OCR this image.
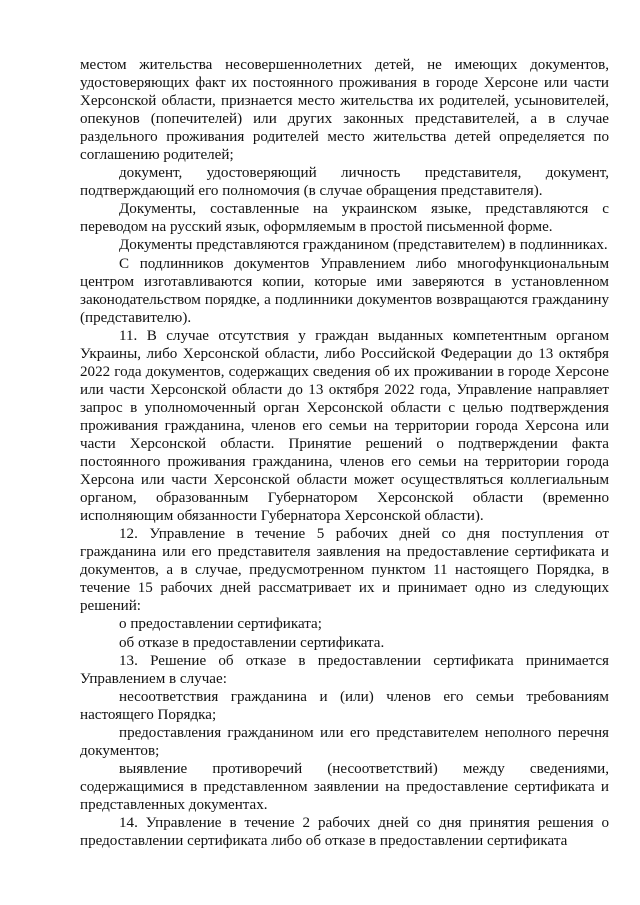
местом жительства несовершеннолетних детей, не имеющих документов, удостоверяющих факт их постоянного проживания в городе Херсоне или части Херсонской области, признается место жительства их родителей, усыновителей, опекунов (попечителей) или других законных представителей, а в случае раздельного проживания родителей место жительства детей определяется по соглашению родителей;

документ, удостоверяющий личность представителя, документ, подтверждающий его полномочия (в случае обращения представителя).

Документы, составленные на украинском языке, представляются с переводом на русский язык, оформляемым в простой письменной форме.

Документы представляются гражданином (представителем) в подлинниках.

С подлинников документов Управлением либо многофункциональным центром изготавливаются копии, которые ими заверяются в установленном законодательством порядке, а подлинники документов возвращаются гражданину (представителю).

11. В случае отсутствия у граждан выданных компетентным органом Украины, либо Херсонской области, либо Российской Федерации до 13 октября 2022 года документов, содержащих сведения об их проживании в городе Херсоне или части Херсонской области до 13 октября 2022 года, Управление направляет запрос в уполномоченный орган Херсонской области с целью подтверждения проживания гражданина, членов его семьи на территории города Херсона или части Херсонской области. Принятие решений о подтверждении факта постоянного проживания гражданина, членов его семьи на территории города Херсона или части Херсонской области может осуществляться коллегиальным органом, образованным Губернатором Херсонской области (временно исполняющим обязанности Губернатора Херсонской области).

12. Управление в течение 5 рабочих дней со дня поступления от гражданина или его представителя заявления на предоставление сертификата и документов, а в случае, предусмотренном пунктом 11 настоящего Порядка, в течение 15 рабочих дней рассматривает их и принимает одно из следующих решений:

о предоставлении сертификата;

об отказе в предоставлении сертификата.

13. Решение об отказе в предоставлении сертификата принимается Управлением в случае:

несоответствия гражданина и (или) членов его семьи требованиям настоящего Порядка;

предоставления гражданином или его представителем неполного перечня документов;

выявление противоречий (несоответствий) между сведениями, содержащимися в представленном заявлении на предоставление сертификата и представленных документах.

14. Управление в течение 2 рабочих дней со дня принятия решения о предоставлении сертификата либо об отказе в предоставлении сертификата
